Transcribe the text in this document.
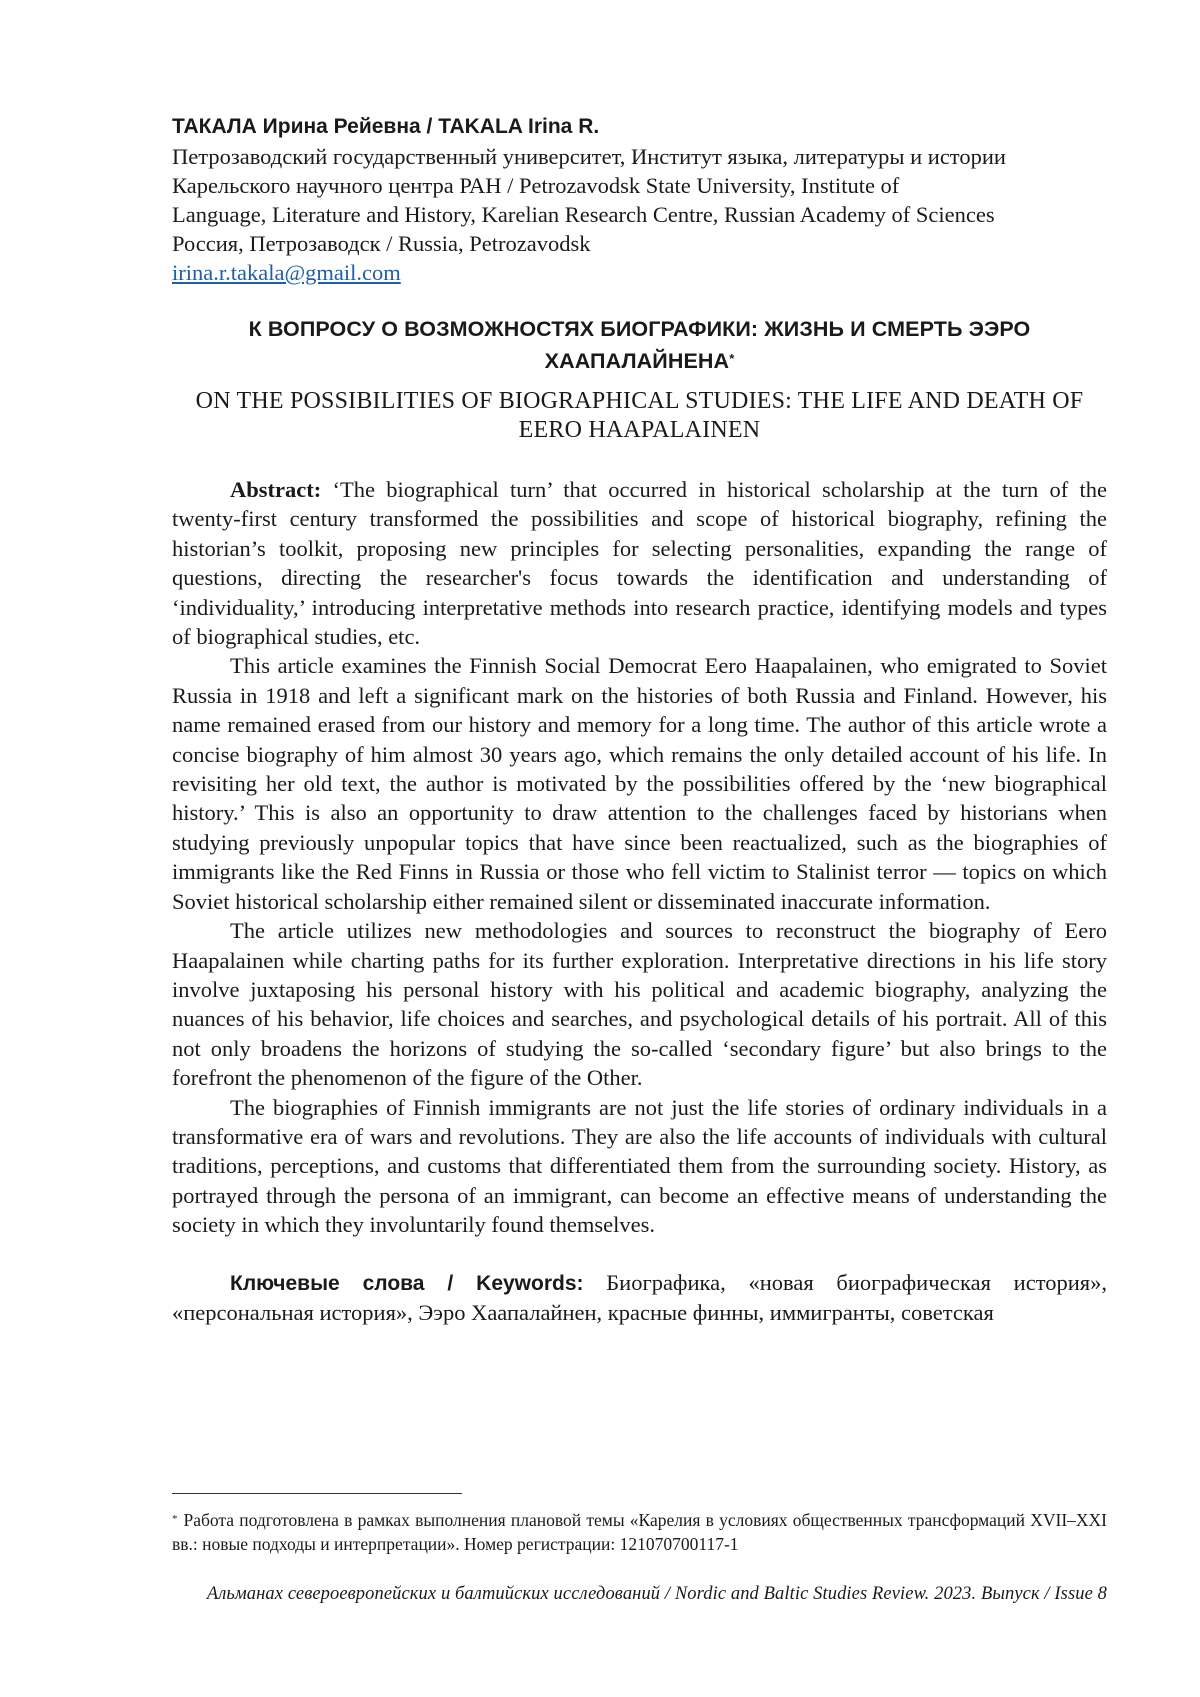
ТАКАЛА Ирина Рейевна / TAKALA Irina R.

Петрозаводский государственный университет, Институт языка, литературы и истории

Карельского научного центра РАН / Petrozavodsk State University, Institute of

Language, Literature and History, Karelian Research Centre, Russian Academy of Sciences

Россия, Петрозаводск / Russia, Petrozavodsk

irina.r.takala@gmail.com
К ВОПРОСУ О ВОЗМОЖНОСТЯХ БИОГРАФИКИ: ЖИЗНЬ И СМЕРТЬ ЭЭРО ХААПАЛАЙНЕНА*
ON THE POSSIBILITIES OF BIOGRAPHICAL STUDIES: THE LIFE AND DEATH OF EERO HAAPALAINEN

Abstract: ‘The biographical turn’ that occurred in historical scholarship at the turn of the twenty-first century transformed the possibilities and scope of historical biography, refining the historian’s toolkit, proposing new principles for selecting personalities, expanding the range of questions, directing the researcher's focus towards the identification and understanding of ‘individuality,’ introducing interpretative methods into research practice, identifying models and types of biographical studies, etc.

This article examines the Finnish Social Democrat Eero Haapalainen, who emigrated to Soviet Russia in 1918 and left a significant mark on the histories of both Russia and Finland. However, his name remained erased from our history and memory for a long time. The author of this article wrote a concise biography of him almost 30 years ago, which remains the only detailed account of his life. In revisiting her old text, the author is motivated by the possibilities offered by the ‘new biographical history.’ This is also an opportunity to draw attention to the challenges faced by historians when studying previously unpopular topics that have since been reactualized, such as the biographies of immigrants like the Red Finns in Russia or those who fell victim to Stalinist terror — topics on which Soviet historical scholarship either remained silent or disseminated inaccurate information.

The article utilizes new methodologies and sources to reconstruct the biography of Eero Haapalainen while charting paths for its further exploration. Interpretative directions in his life story involve juxtaposing his personal history with his political and academic biography, analyzing the nuances of his behavior, life choices and searches, and psychological details of his portrait. All of this not only broadens the horizons of studying the so-called ‘secondary figure’ but also brings to the forefront the phenomenon of the figure of the Other.

The biographies of Finnish immigrants are not just the life stories of ordinary individuals in a transformative era of wars and revolutions. They are also the life accounts of individuals with cultural traditions, perceptions, and customs that differentiated them from the surrounding society. History, as portrayed through the persona of an immigrant, can become an effective means of understanding the society in which they involuntarily found themselves.

Ключевые слова / Keywords: Биографика, «новая биографическая история», «персональная история», Ээро Хаапалайнен, красные финны, иммигранты, советская

* Работа подготовлена в рамках выполнения плановой темы «Карелия в условиях общественных трансформаций XVII–XXI вв.: новые подходы и интерпретации». Номер регистрации: 121070700117-1

Альманах североевропейских и балтийских исследований / Nordic and Baltic Studies Review. 2023. Выпуск / Issue 8
